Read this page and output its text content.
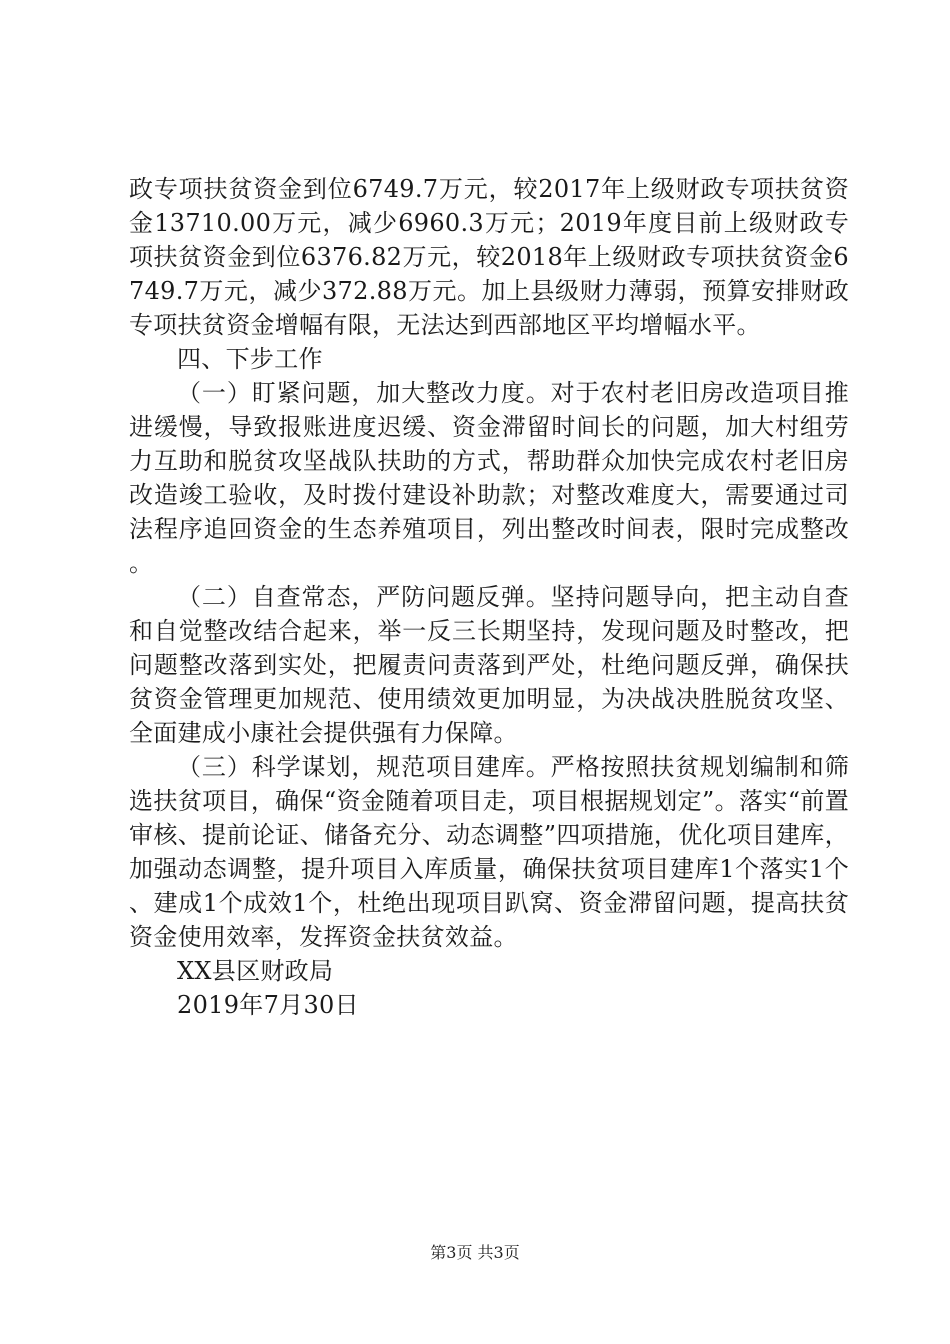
政专项扶贫资金到位6749.7万元，较2017年上级财政专项扶贫资金13710.00万元，减少6960.3万元；2019年度目前上级财政专项扶贫资金到位6376.82万元，较2018年上级财政专项扶贫资金6749.7万元，减少372.88万元。加上县级财力薄弱，预算安排财政专项扶贫资金增幅有限，无法达到西部地区平均增幅水平。

四、下步工作

（一）盯紧问题，加大整改力度。对于农村老旧房改造项目推进缓慢，导致报账进度迟缓、资金滞留时间长的问题，加大村组劳力互助和脱贫攻坚战队扶助的方式，帮助群众加快完成农村老旧房改造竣工验收，及时拨付建设补助款；对整改难度大，需要通过司法程序追回资金的生态养殖项目，列出整改时间表，限时完成整改。

（二）自查常态，严防问题反弹。坚持问题导向，把主动自查和自觉整改结合起来，举一反三长期坚持，发现问题及时整改，把问题整改落到实处，把履责问责落到严处，杜绝问题反弹，确保扶贫资金管理更加规范、使用绩效更加明显，为决战决胜脱贫攻坚、全面建成小康社会提供强有力保障。

（三）科学谋划，规范项目建库。严格按照扶贫规划编制和筛选扶贫项目，确保“资金随着项目走，项目根据规划定”。落实“前置审核、提前论证、储备充分、动态调整”四项措施，优化项目建库，加强动态调整，提升项目入库质量，确保扶贫项目建库1个落实1个、建成1个成效1个，杜绝出现项目趴窝、资金滞留问题，提高扶贫资金使用效率，发挥资金扶贫效益。

XX县区财政局

2019年7月30日

第3页 共3页
